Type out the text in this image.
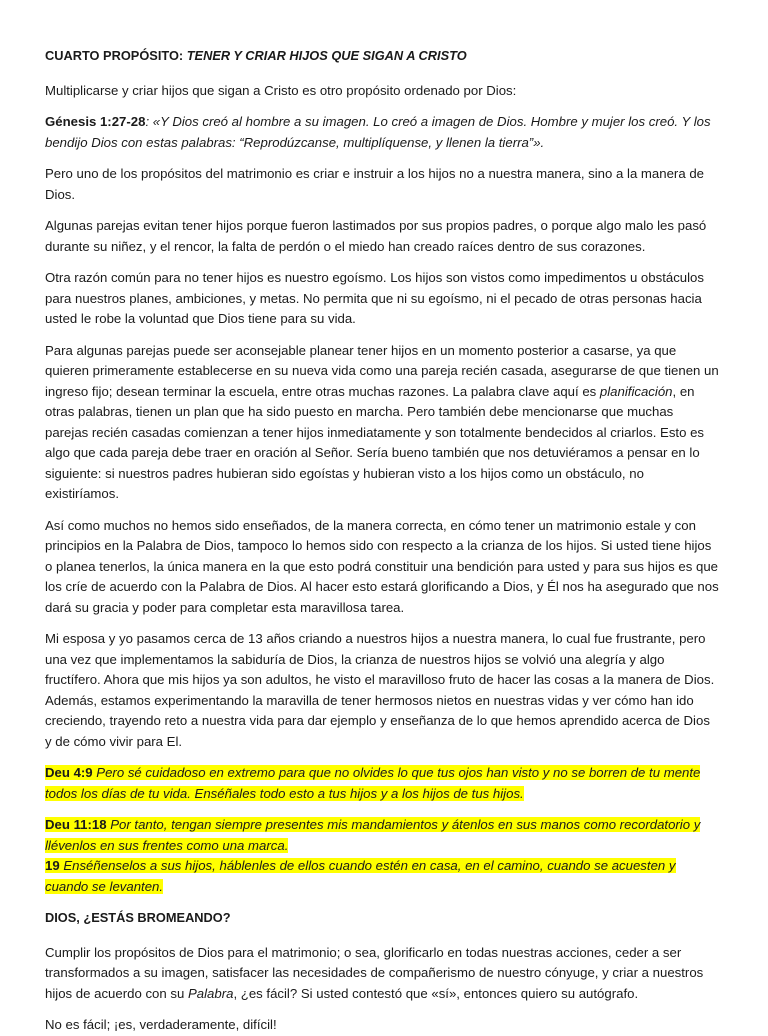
CUARTO PROPÓSITO: TENER Y CRIAR HIJOS QUE SIGAN A CRISTO

Multiplicarse y criar hijos que sigan a Cristo es otro propósito ordenado por Dios:

Génesis 1:27-28: «Y Dios creó al hombre a su imagen. Lo creó a imagen de Dios. Hombre y mujer los creó. Y los bendijo Dios con estas palabras: “Reprodúzcanse, multiplíquense, y llenen la tierra”».

Pero uno de los propósitos del matrimonio es criar e instruir a los hijos no a nuestra manera, sino a la manera de Dios.

Algunas parejas evitan tener hijos porque fueron lastimados por sus propios padres, o porque algo malo les pasó durante su niñez, y el rencor, la falta de perdón o el miedo han creado raíces dentro de sus corazones.

Otra razón común para no tener hijos es nuestro egoísmo. Los hijos son vistos como impedimentos u obstáculos para nuestros planes, ambiciones, y metas. No permita que ni su egoísmo, ni el pecado de otras personas hacia usted le robe la voluntad que Dios tiene para su vida.

Para algunas parejas puede ser aconsejable planear tener hijos en un momento posterior a casarse, ya que quieren primeramente establecerse en su nueva vida como una pareja recién casada, asegurarse de que tienen un ingreso fijo; desean terminar la escuela, entre otras muchas razones. La palabra clave aquí es planificación, en otras palabras, tienen un plan que ha sido puesto en marcha. Pero también debe mencionarse que muchas parejas recién casadas comienzan a tener hijos inmediatamente y son totalmente bendecidos al criarlos. Esto es algo que cada pareja debe traer en oración al Señor. Sería bueno también que nos detuviéramos a pensar en lo siguiente: si nuestros padres hubieran sido egoístas y hubieran visto a los hijos como un obstáculo, no existiríamos.

Así como muchos no hemos sido enseñados, de la manera correcta, en cómo tener un matrimonio estale y con principios en la Palabra de Dios, tampoco lo hemos sido con respecto a la crianza de los hijos. Si usted tiene hijos o planea tenerlos, la única manera en la que esto podrá constituir una bendición para usted y para sus hijos es que los críe de acuerdo con la Palabra de Dios. Al hacer esto estará glorificando a Dios, y Él nos ha asegurado que nos dará su gracia y poder para completar esta maravillosa tarea.

Mi esposa y yo pasamos cerca de 13 años criando a nuestros hijos a nuestra manera, lo cual fue frustrante, pero una vez que implementamos la sabiduría de Dios, la crianza de nuestros hijos se volvió una alegría y algo fructífero. Ahora que mis hijos ya son adultos, he visto el maravilloso fruto de hacer las cosas a la manera de Dios. Además, estamos experimentando la maravilla de tener hermosos nietos en nuestras vidas y ver cómo han ido creciendo, trayendo reto a nuestra vida para dar ejemplo y enseñanza de lo que hemos aprendido acerca de Dios y de cómo vivir para El.

Deu 4:9 Pero sé cuidadoso en extremo para que no olvides lo que tus ojos han visto y no se borren de tu mente todos los días de tu vida. Enséñales todo esto a tus hijos y a los hijos de tus hijos.

Deu 11:18 Por tanto, tengan siempre presentes mis mandamientos y átenlos en sus manos como recordatorio y llévenlos en sus frentes como una marca.
19 Enséñenselos a sus hijos, háblenles de ellos cuando estén en casa, en el camino, cuando se acuesten y cuando se levanten.

DIOS, ¿ESTÁS BROMEANDO?

Cumplir los propósitos de Dios para el matrimonio; o sea, glorificarlo en todas nuestras acciones, ceder a ser transformados a su imagen, satisfacer las necesidades de compañerismo de nuestro cónyuge, y criar a nuestros hijos de acuerdo con su Palabra, ¿es fácil? Si usted contestó que «sí», entonces quiero su autógrafo.

No es fácil; ¡es, verdaderamente, difícil!
